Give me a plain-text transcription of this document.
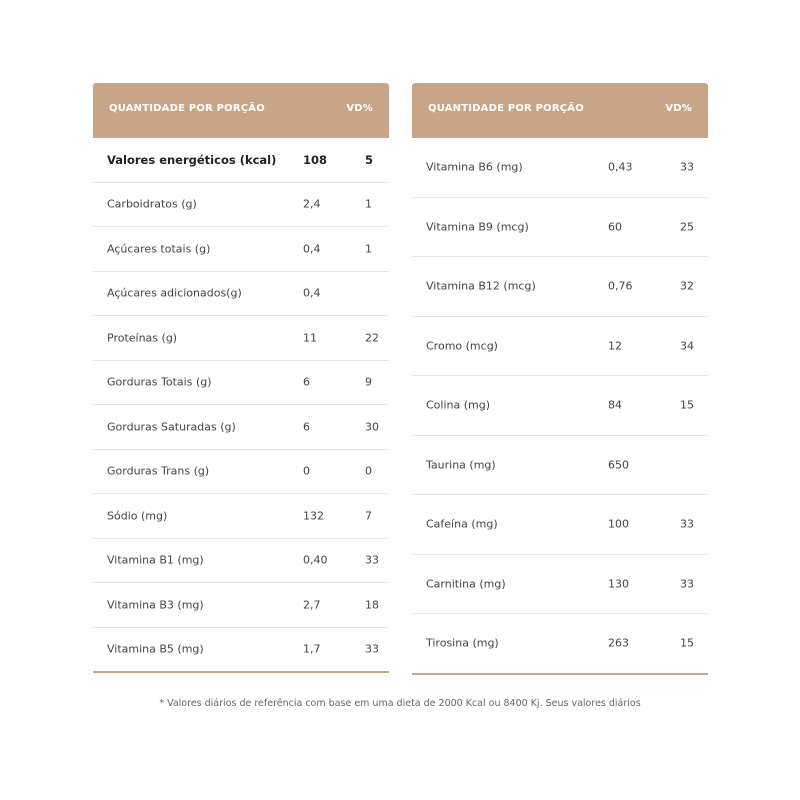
QUANTIDADE POR PORÇÃO	VD%
Valores energéticos (kcal) 108	5
Carboidratos (g)	2,4	1
Açúcares totais (g)	0,4	1
Açúcares adicionados(g)	0,4
Proteínas (g)	11	22
Gorduras Totais (g)	6	9
Gorduras Saturadas (g)	6	30
Gorduras Trans (g)	0	0
Sódio (mg)	132	7
Vitamina B1 (mg)	0,40	33
Vitamina B3 (mg)	2,7	18
Vitamina B5 (mg)	1,7	33
QUANTIDADE POR PORÇÃO	VD%
Vitamina B6 (mg)	0,43	33
Vitamina B9 (mcg)	60	25
Vitamina B12 (mcg)	0,76	32
Cromo (mcg)	12	34
Colina (mg)	84	15
Taurina (mg)	650
Cafeína (mg)	100	33
Carnitina (mg)	130	33
Tirosina (mg)	263	15
* Valores diários de referência com base em uma dieta de 2000 Kcal ou 8400 Kj. Seus valores diários
